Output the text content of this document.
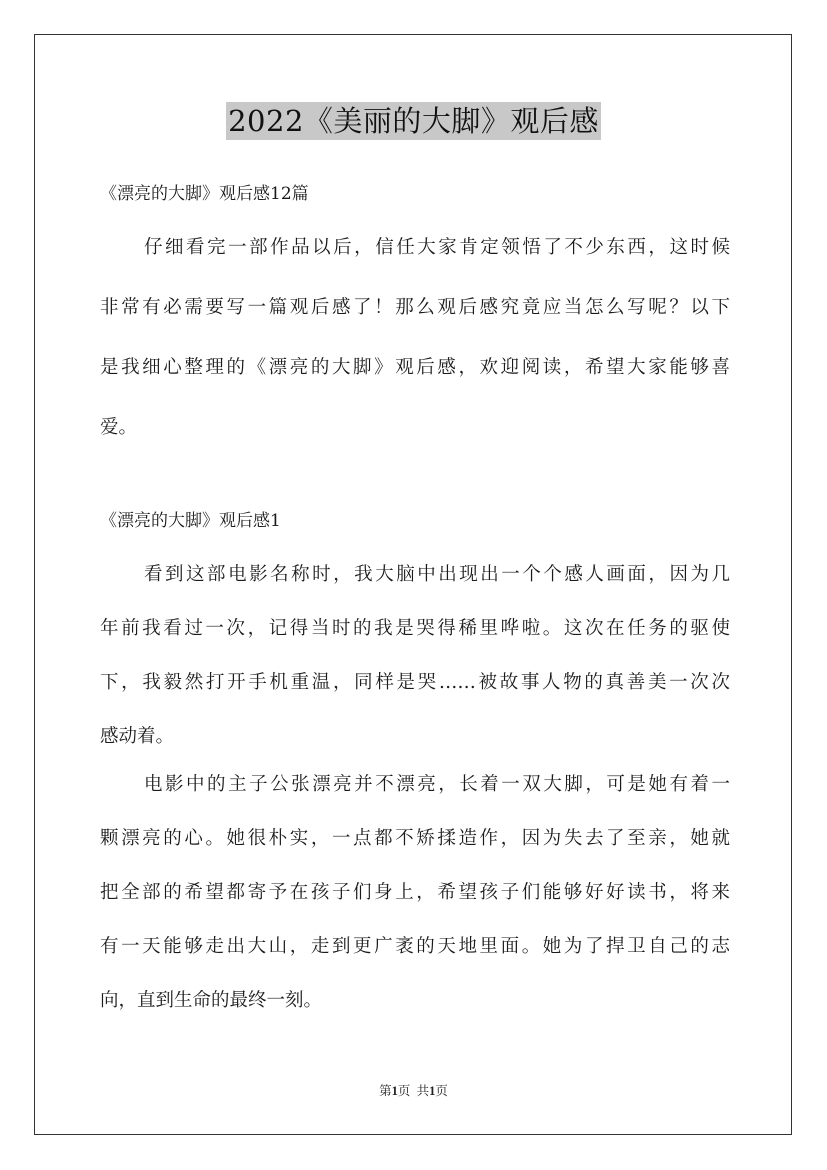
2022《美丽的大脚》观后感
《漂亮的大脚》观后感12篇
仔细看完一部作品以后，信任大家肯定领悟了不少东西，这时候
非常有必需要写一篇观后感了！那么观后感究竟应当怎么写呢？以下
是我细心整理的《漂亮的大脚》观后感，欢迎阅读，希望大家能够喜
爱。
《漂亮的大脚》观后感1
看到这部电影名称时，我大脑中出现出一个个感人画面，因为几
年前我看过一次，记得当时的我是哭得稀里哗啦。这次在任务的驱使
下，我毅然打开手机重温，同样是哭……被故事人物的真善美一次次
感动着。
电影中的主子公张漂亮并不漂亮，长着一双大脚，可是她有着一
颗漂亮的心。她很朴实，一点都不矫揉造作，因为失去了至亲，她就
把全部的希望都寄予在孩子们身上，希望孩子们能够好好读书，将来
有一天能够走出大山，走到更广袤的天地里面。她为了捍卫自己的志
向，直到生命的最终一刻。
第1页 共1页
